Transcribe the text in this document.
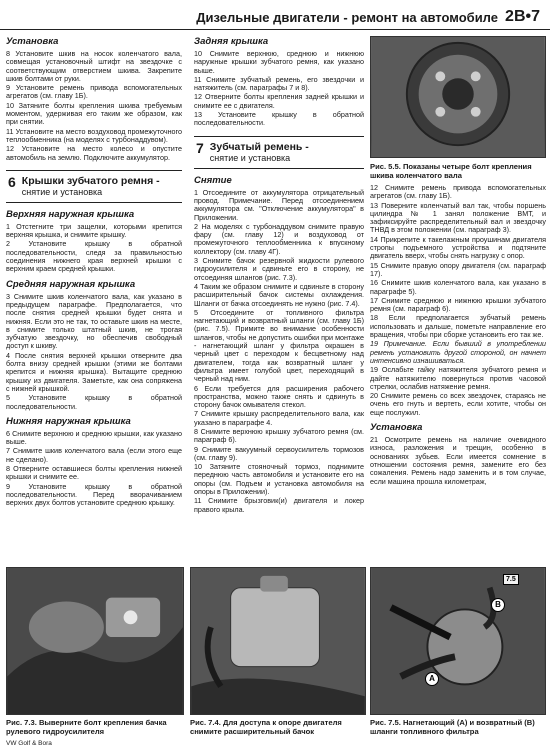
Дизельные двигатели - ремонт на автомобиле 2B•7
Установка
8 Установите шкив на носок коленчатого вала, совмещая установочный штифт на звездочке с соответствующим отверстием шкива. Закрепите шкив болтами от руки.
9 Установите ремень привода вспомогательных агрегатов (см. главу 1Б).
10 Затяните болты крепления шкива требуемым моментом, удерживая его таким же образом, как при снятии.
11 Установите на место воздуховод промежуточного теплообменника (на моделях с турбонаддувом).
12 Установите на место колесо и опустите автомобиль на землю. Подключите аккумулятор.
6 Крышки зубчатого ремня -
снятие и установка
Верхняя наружная крышка
1 Отстегните три защелки, которыми крепится верхняя крышка, и снимите крышку.
2 Установите крышку в обратной последовательности, следя за правильностью соединения нижнего края верхней крышки с верхним краем средней крышки.
Средняя наружная крышка
3 Снимите шкив коленчатого вала, как указано в предыдущем параграфе. Предполагается, что после снятия средней крышки будет снята и нижняя. Если это не так, то оставьте шкив на месте, в снимите только штатный шкив, не трогая зубчатую звездочку, но обеспечив свободный доступ к шкиву.
4 После снятия верхней крышки отверните два болта внизу средней крышки (этими же болтами крепится и нижняя крышка). Вытащите среднюю крышку из двигателя. Заметьте, как она сопряжена с нижней крышкой.
5 Установите крышку в обратной последовательности.
Нижняя наружная крышка
6 Снимите верхнюю и среднюю крышки, как указано выше.
7 Снимите шкив коленчатого вала (если этого еще не сделано).
8 Отверните оставшиеся болты крепления нижней крышки и снимите ее.
9 Установите крышку в обратной последовательности. Перед вворачиванием верхних двух болтов установите среднюю крышку.
Задняя крышка
10 Снимите верхнюю, среднюю и нижнюю наружные крышки зубчатого ремня, как указано выше.
11 Снимите зубчатый ремень, его звездочки и натяжитель (см. параграфы 7 и 8).
12 Отверните болты крепления задней крышки и снимите ее с двигателя.
13 Установите крышку в обратной последовательности.
7 Зубчатый ремень -
снятие и установка
Снятие
1 Отсоедините от аккумулятора отрицательный провод. Примечание. Перед отсоединением аккумулятора см. "Отключение аккумулятора" в Приложении.
2 На моделях с турбонаддувом снимите правую фару (см. главу 12) и воздуховод от промежуточного теплообменника к впускному коллектору (см. главу 4Г).
3 Снимите бачок резервной жидкости рулевого гидроусилителя и сдвиньте его в сторону, не отсоединяя шлангов (рис. 7.3).
4 Таким же образом снимите и сдвиньте в сторону расширительный бачок системы охлаждения. Шланги от бачка отсоединять не нужно (рис. 7.4).
5 Отсоедините от топливного фильтра нагнетающий и возвратный шланги (см. главу 1Б) (рис. 7.5). Примите во внимание особенности шлангов, чтобы не допустить ошибки при монтаже - нагнетающий шланг у фильтра окрашен в черный цвет с переходом к бесцветному над двигателем, тогда как возвратный шланг у фильтра имеет голубой цвет, переходящий в черный над ним.
6 Если требуется для расширения рабочего пространства, можно также снять и сдвинуть в сторону бачок омывателя стекол.
7 Снимите крышку распределительного вала, как указано в параграфе 4.
8 Снимите верхнюю крышку зубчатого ремня (см. параграф 6).
9 Снимите вакуумный сервоусилитель тормозов (см. главу 9).
10 Затяните стояночный тормоз, поднимите переднюю часть автомобиля и установите его на опоры (см. Подъем и установка автомобиля на опоры в Приложении).
11 Снимите брызговик(и) двигателя и локер правого крыла.
Рис. 5.5. Показаны четыре болт крепления шкива коленчатого вала
12 Снимите ремень привода вспомогательных агрегатов (см. главу 1Б).
13 Поверните коленчатый вал так, чтобы поршень цилиндра № 1 занял положение ВМТ, и зафиксируйте распределительный вал и звездочку ТНВД в этом положении (см. параграф 3).
14 Прикрепите к такелажным проушинам двигателя стропы подъемного устройства и подтяните двигатель вверх, чтобы снять нагрузку с опор.
15 Снимите правую опору двигателя (см. параграф 17).
16 Снимите шкив коленчатого вала, как указано в параграфе 5).
17 Снимите среднюю и нижнюю крышки зубчатого ремня (см. параграф 6).
18 Если предполагается зубчатый ремень использовать и дальше, пометьте направление его вращения, чтобы при сборке установить его так же.
19 Примечание. Если бывший в употреблении ремень установить другой стороной, он начнет интенсивно изнашиваться.
19 Ослабьте гайку натяжителя зубчатого ремня и дайте натяжителю повернуться против часовой стрелки, ослабив натяжение ремня.
20 Снимите ремень со всех звездочек, стараясь не очень его гнуть и вертеть, если хотите, чтобы он еще послужил.
Установка
21 Осмотрите ремень на наличие очевидного износа, разложения и трещин, особенно в основаниях зубьев. Если имеется сомнение в отношении состояния ремня, замените его без сожаления. Ремень надо заменить и в том случае, если машина прошла километраж,
Рис. 7.3. Выверните болт крепления бачка рулевого гидроусилителя
Рис. 7.4. Для доступа к опоре двигателя снимите расширительный бачок
7.5
B
A
Рис. 7.5. Нагнетающий (А) и возвратный (В) шланги топливного фильтра
VW Golf & Bora
